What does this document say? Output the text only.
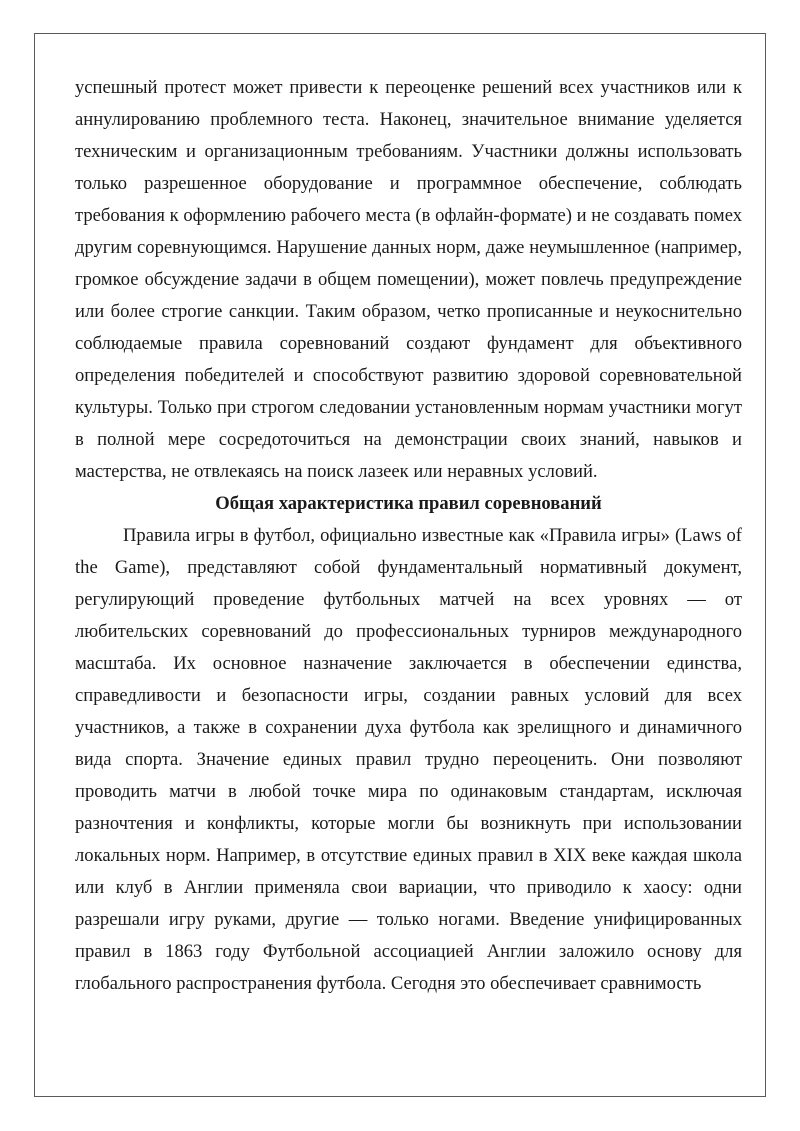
успешный протест может привести к переоценке решений всех участников или к аннулированию проблемного теста. Наконец, значительное внимание уделяется техническим и организационным требованиям. Участники должны использовать только разрешенное оборудование и программное обеспечение, соблюдать требования к оформлению рабочего места (в офлайн-формате) и не создавать помех другим соревнующимся. Нарушение данных норм, даже неумышленное (например, громкое обсуждение задачи в общем помещении), может повлечь предупреждение или более строгие санкции. Таким образом, четко прописанные и неукоснительно соблюдаемые правила соревнований создают фундамент для объективного определения победителей и способствуют развитию здоровой соревновательной культуры. Только при строгом следовании установленным нормам участники могут в полной мере сосредоточиться на демонстрации своих знаний, навыков и мастерства, не отвлекаясь на поиск лазеек или неравных условий.

Общая характеристика правил соревнований

Правила игры в футбол, официально известные как «Правила игры» (Laws of the Game), представляют собой фундаментальный нормативный документ, регулирующий проведение футбольных матчей на всех уровнях — от любительских соревнований до профессиональных турниров международного масштаба. Их основное назначение заключается в обеспечении единства, справедливости и безопасности игры, создании равных условий для всех участников, а также в сохранении духа футбола как зрелищного и динамичного вида спорта. Значение единых правил трудно переоценить. Они позволяют проводить матчи в любой точке мира по одинаковым стандартам, исключая разночтения и конфликты, которые могли бы возникнуть при использовании локальных норм. Например, в отсутствие единых правил в XIX веке каждая школа или клуб в Англии применяла свои вариации, что приводило к хаосу: одни разрешали игру руками, другие — только ногами. Введение унифицированных правил в 1863 году Футбольной ассоциацией Англии заложило основу для глобального распространения футбола. Сегодня это обеспечивает сравнимость
